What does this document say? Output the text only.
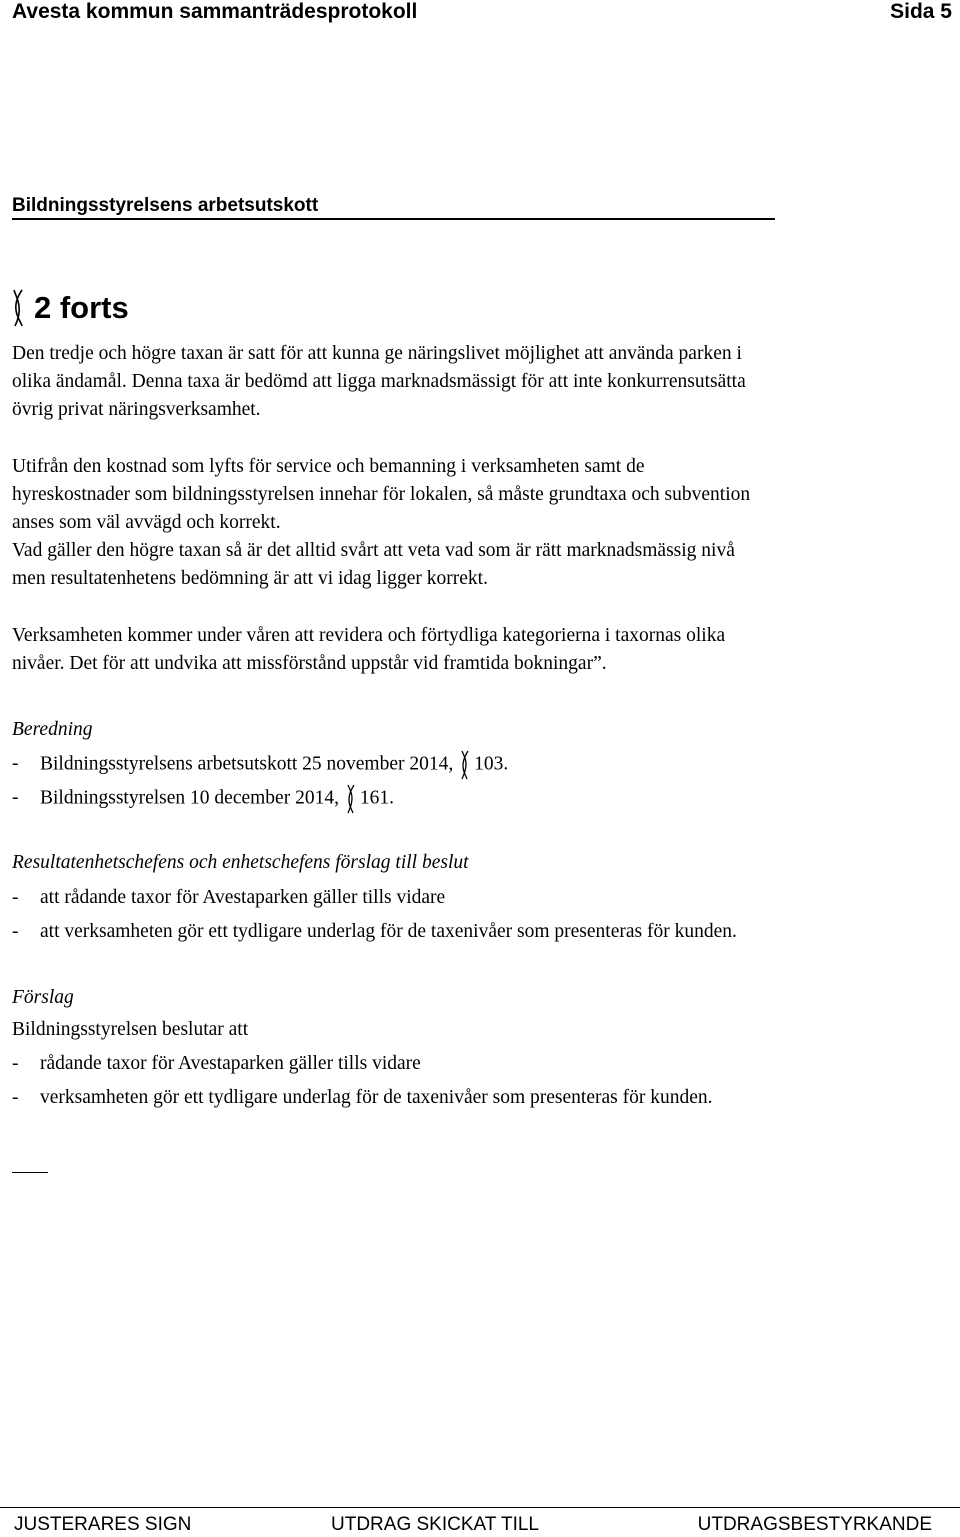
Avesta kommun sammanträdesprotokoll	Sida 5
Bildningsstyrelsens arbetsutskott
2 forts
Den tredje och högre taxan är satt för att kunna ge näringslivet möjlighet att använda parken i
olika ändamål. Denna taxa är bedömd att ligga marknadsmässigt för att inte konkurrensutsätta
övrig privat näringsverksamhet.
Utifrån den kostnad som lyfts för service och bemanning i verksamheten samt de
hyreskostnader som bildningsstyrelsen innehar för lokalen, så måste grundtaxa och subvention
anses som väl avvägd och korrekt.
Vad gäller den högre taxan så är det alltid svårt att veta vad som är rätt marknadsmässig nivå
men resultatenhetens bedömning är att vi idag ligger korrekt.
Verksamheten kommer under våren att revidera och förtydliga kategorierna i taxornas olika
nivåer. Det för att undvika att missförstånd uppstår vid framtida bokningar”.
Beredning
- Bildningsstyrelsens arbetsutskott 25 november 2014, 103.
- Bildningsstyrelsen 10 december 2014, 161.
Resultatenhetschefens och enhetschefens förslag till beslut
- att rådande taxor för Avestaparken gäller tills vidare
- att verksamheten gör ett tydligare underlag för de taxenivåer som presenteras för kunden.
Förslag
Bildningsstyrelsen beslutar att
- rådande taxor för Avestaparken gäller tills vidare
- verksamheten gör ett tydligare underlag för de taxenivåer som presenteras för kunden.
JUSTERARES SIGN	UTDRAG SKICKAT TILL	UTDRAGSBESTYRKANDE
